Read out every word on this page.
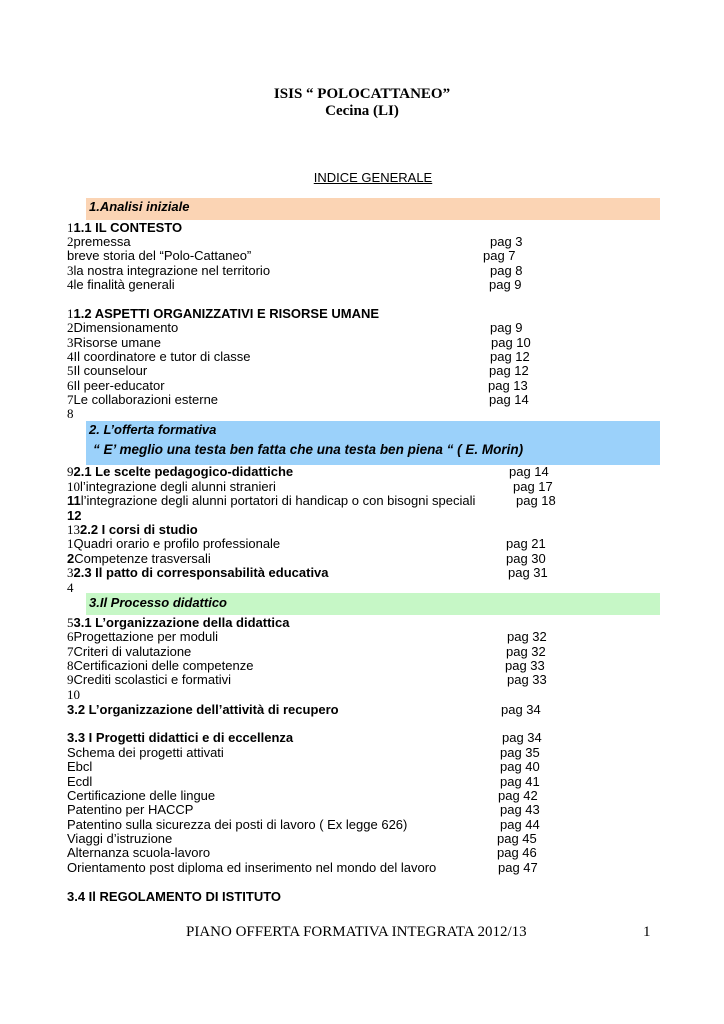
ISIS “ POLOCATTANEO”
Cecina (LI)
INDICE GENERALE
1.Analisi iniziale
2. L’offerta formativa
“ E’ meglio una testa ben fatta che una testa ben piena “ ( E. Morin)
3.Il Processo didattico
11.1 IL CONTESTO
2premessa	pag 3
breve storia del “Polo-Cattaneo”	pag 7
3la nostra integrazione nel territorio	pag 8
4le finalità generali	pag 9
11.2 ASPETTI ORGANIZZATIVI E RISORSE UMANE
2Dimensionamento	pag 9
3Risorse umane	pag 10
4Il coordinatore e tutor di classe	pag 12
5Il counselour	pag 12
6Il peer-educator	pag 13
7Le collaborazioni esterne	pag 14
8
92.1 Le scelte pedagogico-didattiche	pag 14
10l’integrazione degli alunni stranieri	pag 17
11l’integrazione degli alunni portatori di handicap o con bisogni speciali	pag 18
12
132.2 I corsi di studio
1Quadri orario e profilo professionale	pag 21
2Competenze trasversali	pag 30
32.3 Il patto di corresponsabilità educativa	pag 31
4
53.1 L’organizzazione della didattica
6Progettazione per moduli	pag 32
7Criteri di valutazione	pag 32
8Certificazioni delle competenze	pag 33
9Crediti scolastici e formativi	pag 33
10
3.2 L’organizzazione dell’attività di recupero	pag 34
3.3 I Progetti didattici e di eccellenza	pag 34
Schema dei progetti attivati	pag 35
Ebcl	pag 40
Ecdl	pag 41
Certificazione delle lingue	pag 42
Patentino per HACCP	pag 43
Patentino sulla sicurezza dei posti di lavoro ( Ex legge 626)	pag 44
Viaggi d’istruzione	pag 45
Alternanza scuola-lavoro	pag 46
Orientamento post diploma ed inserimento nel mondo del lavoro	pag 47
3.4 Il REGOLAMENTO DI ISTITUTO
PIANO OFFERTA FORMATIVA INTEGRATA 2012/13	1
